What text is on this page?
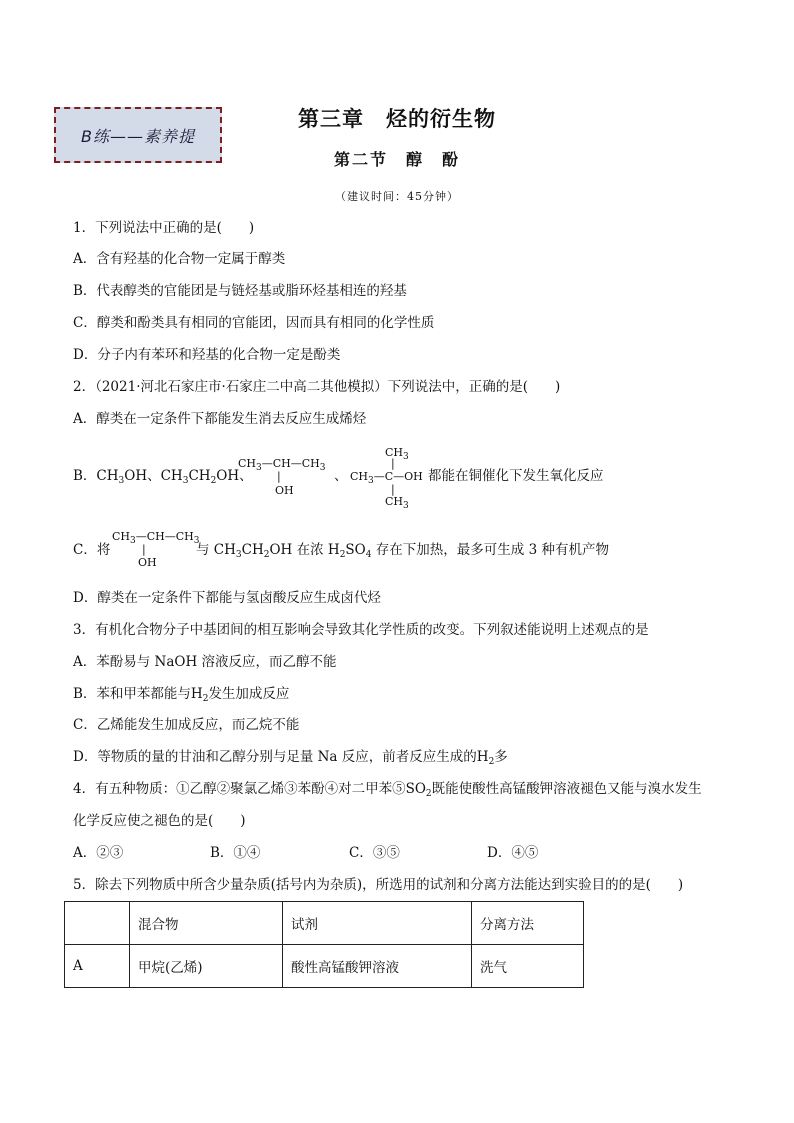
B练——素养提
第三章　烃的衍生物
第二节　醇　酚
（建议时间：45分钟）
1．下列说法中正确的是(　　)
A．含有羟基的化合物一定属于醇类
B．代表醇类的官能团是与链烃基或脂环烃基相连的羟基
C．醇类和酚类具有相同的官能团，因而具有相同的化学性质
D．分子内有苯环和羟基的化合物一定是酚类
2．（2021·河北石家庄市·石家庄二中高二其他模拟）下列说法中，正确的是(　　)
A．醇类在一定条件下都能发生消去反应生成烯烃
B．$CH_3OH$、$CH_3CH_2OH$、
$CH_3—CH—CH_3$
|
OH
、
$CH_3$
|
$CH_3—C—OH$
|
$CH_3$
都能在铜催化下发生氧化反应
C．将
$CH_3—CH—CH_3$
|
OH
与 $CH_3CH_2OH$ 在浓 $H_2SO_4$ 存在下加热，最多可生成 3 种有机产物
D．醇类在一定条件下都能与氢卤酸反应生成卤代烃
3．有机化合物分子中基团间的相互影响会导致其化学性质的改变。下列叙述能说明上述观点的是
A．苯酚易与 NaOH 溶液反应，而乙醇不能
B．苯和甲苯都能与$H_2$发生加成反应
C．乙烯能发生加成反应，而乙烷不能
D．等物质的量的甘油和乙醇分别与足量 Na 反应，前者反应生成的$H_2$多
4．有五种物质：①乙醇②聚氯乙烯③苯酚④对二甲苯$⑤SO_2$既能使酸性高锰酸钾溶液褪色又能与溴水发生
化学反应使之褪色的是(　　)
A．②③	B．①④	C．③⑤	D．④⑤
5．除去下列物质中所含少量杂质(括号内为杂质)，所选用的试剂和分离方法能达到实验目的的是(　　)
	混合物	试剂	分离方法
A	甲烷(乙烯)	酸性高锰酸钾溶液	洗气
